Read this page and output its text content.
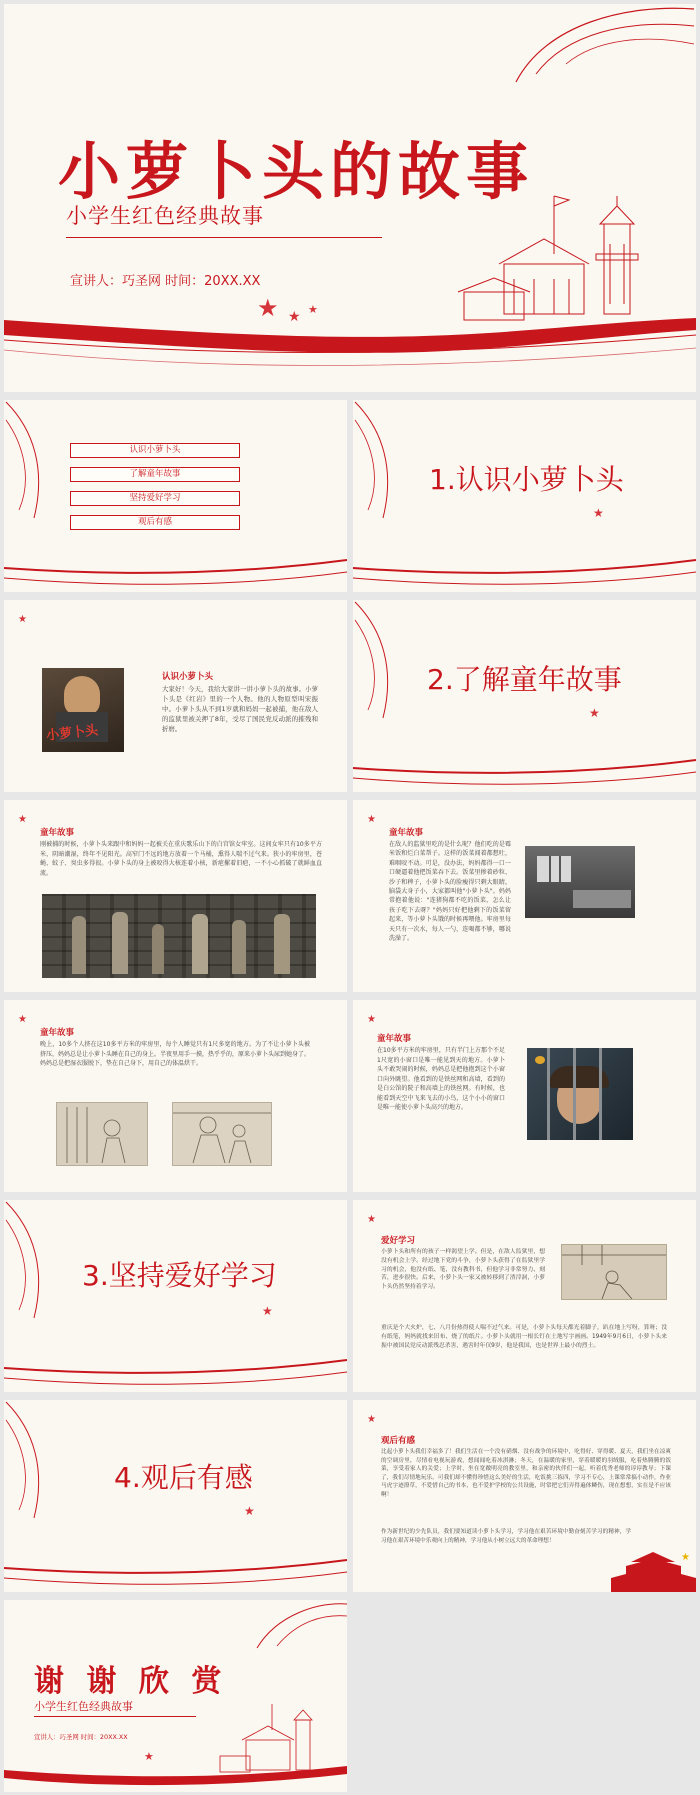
小萝卜头的故事
小学生红色经典故事
宣讲人：巧圣网 时间：20XX.XX
★ ★ ★
认识小萝卜头
了解童年故事
坚持爱好学习
观后有感
1.认识小萝卜头
★
★
小萝卜头
认识小萝卜头
大家好！今天，我给大家讲一讲小萝卜头的故事。小萝卜头是《红岩》里的一个人物。他的人物原型叫宋振中。小萝卜头从不到1岁就和妈妈一起被捕，他在敌人的监狱里被关押了8年，受尽了国民党反动派的摧残和折磨。
2.了解童年故事
★
★
童年故事
刚被捕的时候，小萝卜头来跟中和妈妈一起被关在重庆歌乐山下的白宫馆女牢室。这间女牢只有10多平方米，阴暗潮湿，终年不见阳光。高窄门不远的地方放着一个马桶，熏得人喘不过气来。狭小的牢房里，苍蝇、蚊子、臭虫多得很。小萝卜头的身上被咬得大核连着小核，新疤摞着旧疤，一不小心抓破了就鲜血直流。
★
童年故事
在敌人的监狱里吃的是什么呢？他们吃的是霉米饭和烂白菜帮子。这样的饭菜闻着都想吐，难咽咬不动。可是，没办法，妈妈都得一口一口硬逼着他把饭菜吞下去。饭菜里掺着砂粒、沙子和稗子，小萝卜头的脸瘦得只剩大眼睛，脑袋大身子小，大家都叫他"小萝卜头"。妈妈常抱着他说："连猪狗都不吃的饭菜，怎么让孩子吃下去呀？"妈妈只好把他剩下的饭菜留起来，等小萝卜头饿的时候再喂他。牢房里每天只有一次水，每人一勺，连喝都不够，哪说洗澡了。
★
童年故事
晚上，10多个人挤在这10多平方米的牢房里，每个人睡觉只有1尺多宽的地方。为了不让小萝卜头被挤压，妈妈总是让小萝卜头睡在自己的身上。半夜里用手一摸，热乎乎的，原来小萝卜头尿到她身了。妈妈总是把湿衣服脱下，垫在自己身下，用自己的体温烘干。
★
童年故事
在10多平方米的牢房里，只有半门上方那个不足1尺宽的小窗口是唯一能见到天的地方。小萝卜头不敢哭闹的时候，妈妈总是把他抱到这个小窗口向外眺望。他看到的是铁丝网和高墙，看到的是白公馆的院子和高墙上的铁丝网。有时候，也能看到天空中飞来飞去的小鸟，这个小小的窗口是唯一能使小萝卜头高兴的地方。
3.坚持爱好学习
★
★
爱好学习
小萝卜头和所有的孩子一样渴望上学。但是，在敌人监狱里，想没有机会上学。经过地下党的斗争，小萝卜头获得了在监狱里学习的机会，他没有纸、笔，没有教科书，但他学习非常努力、刻苦，进步很快。后来，小萝卜头一家又被转移到了渣滓洞，小萝卜头仍然坚持着学习。
重庆是个大火炉，七、八月份热得使人喘不过气来。可是，小萝卜头每天都光着脚子，趴在地上写呀，算呀；没有纸笔，妈妈就找来旧布、烧了的纸片。小萝卜头就用一根长钉在土地写字画画。1949年9月6日，小萝卜头来振中被国民党反动派残忍杀害，遇害时年仅9岁，他是我国，也是世界上最小的烈士。
4.观后有感
★
★
观后有感
比起小萝卜头我们幸福多了！我们生活在一个没有硝烟、没有战争的环境中，吃得好、穿得暖、夏天，我们坐在凉爽的空调房里，尽情看电视玩游戏，想闻闻吃着冰淇淋；冬天，在温暖的家里，穿着暖暖的羽绒服，吃着热腾腾的饭菜，享受着家人的关爱；上学时，坐在宽敞明亮的教室里，和亲密的伙伴们一起，听着优秀老师的谆谆教导；下课了，我们尽情地玩乐。可我们却不懂得珍惜这么美好的生活，吃饭挑三拣四，学习不专心，上课常常搞小动作，作业马虎字迹潦草，不爱惜自己的书本，也不爱护学校的公共设施，时常把它们弄得遍体鳞伤，现在想想，实在是不应该啊！
作为新世纪的少先队员，我们要知道读小萝卜头学习，学习他在艰苦环境中勤奋刻苦学习的精神，学习他在艰苦环境中乐观向上的精神，学习他从小树立远大的革命理想！
★
谢 谢 欣 赏
小学生红色经典故事
宣讲人：巧圣网 时间：20XX.XX
★
